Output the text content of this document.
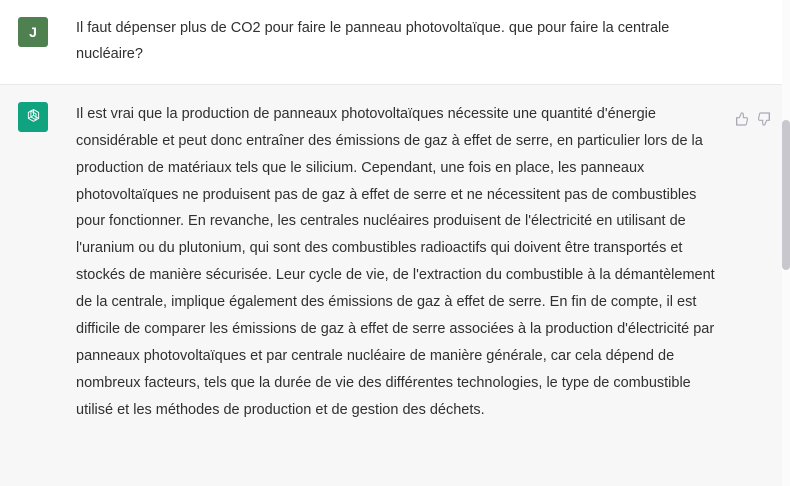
J	Il faut dépenser plus de CO2 pour faire le panneau photovoltaïque. que pour faire la centrale nucléaire?

Il est vrai que la production de panneaux photovoltaïques nécessite une quantité d'énergie considérable et peut donc entraîner des émissions de gaz à effet de serre, en particulier lors de la production de matériaux tels que le silicium. Cependant, une fois en place, les panneaux photovoltaïques ne produisent pas de gaz à effet de serre et ne nécessitent pas de combustibles pour fonctionner. En revanche, les centrales nucléaires produisent de l'électricité en utilisant de l'uranium ou du plutonium, qui sont des combustibles radioactifs qui doivent être transportés et stockés de manière sécurisée. Leur cycle de vie, de l'extraction du combustible à la démantèlement de la centrale, implique également des émissions de gaz à effet de serre. En fin de compte, il est difficile de comparer les émissions de gaz à effet de serre associées à la production d'électricité par panneaux photovoltaïques et par centrale nucléaire de manière générale, car cela dépend de nombreux facteurs, tels que la durée de vie des différentes technologies, le type de combustible utilisé et les méthodes de production et de gestion des déchets.
